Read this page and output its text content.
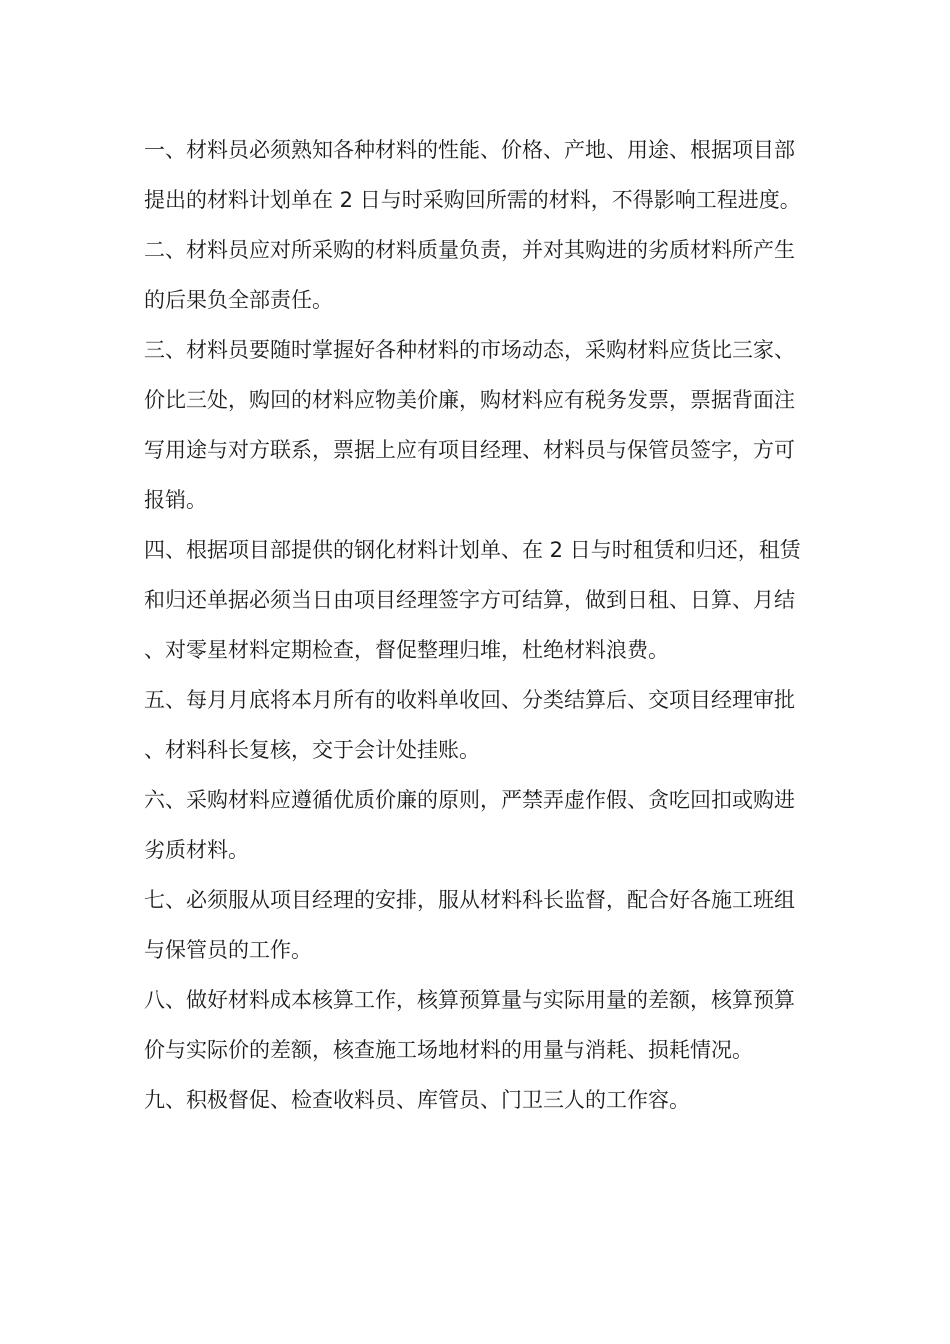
一、材料员必须熟知各种材料的性能、价格、产地、用途、根据项目部提出的材料计划单在 2 日与时采购回所需的材料，不得影响工程进度。

二、材料员应对所采购的材料质量负责，并对其购进的劣质材料所产生的后果负全部责任。

三、材料员要随时掌握好各种材料的市场动态，采购材料应货比三家、价比三处，购回的材料应物美价廉，购材料应有税务发票，票据背面注写用途与对方联系，票据上应有项目经理、材料员与保管员签字，方可报销。

四、根据项目部提供的钢化材料计划单、在 2 日与时租赁和归还，租赁和归还单据必须当日由项目经理签字方可结算，做到日租、日算、月结、对零星材料定期检查，督促整理归堆，杜绝材料浪费。

五、每月月底将本月所有的收料单收回、分类结算后、交项目经理审批、材料科长复核，交于会计处挂账。

六、采购材料应遵循优质价廉的原则，严禁弄虚作假、贪吃回扣或购进劣质材料。

七、必须服从项目经理的安排，服从材料科长监督，配合好各施工班组与保管员的工作。

八、做好材料成本核算工作，核算预算量与实际用量的差额，核算预算价与实际价的差额，核查施工场地材料的用量与消耗、损耗情况。

九、积极督促、检查收料员、库管员、门卫三人的工作容。
